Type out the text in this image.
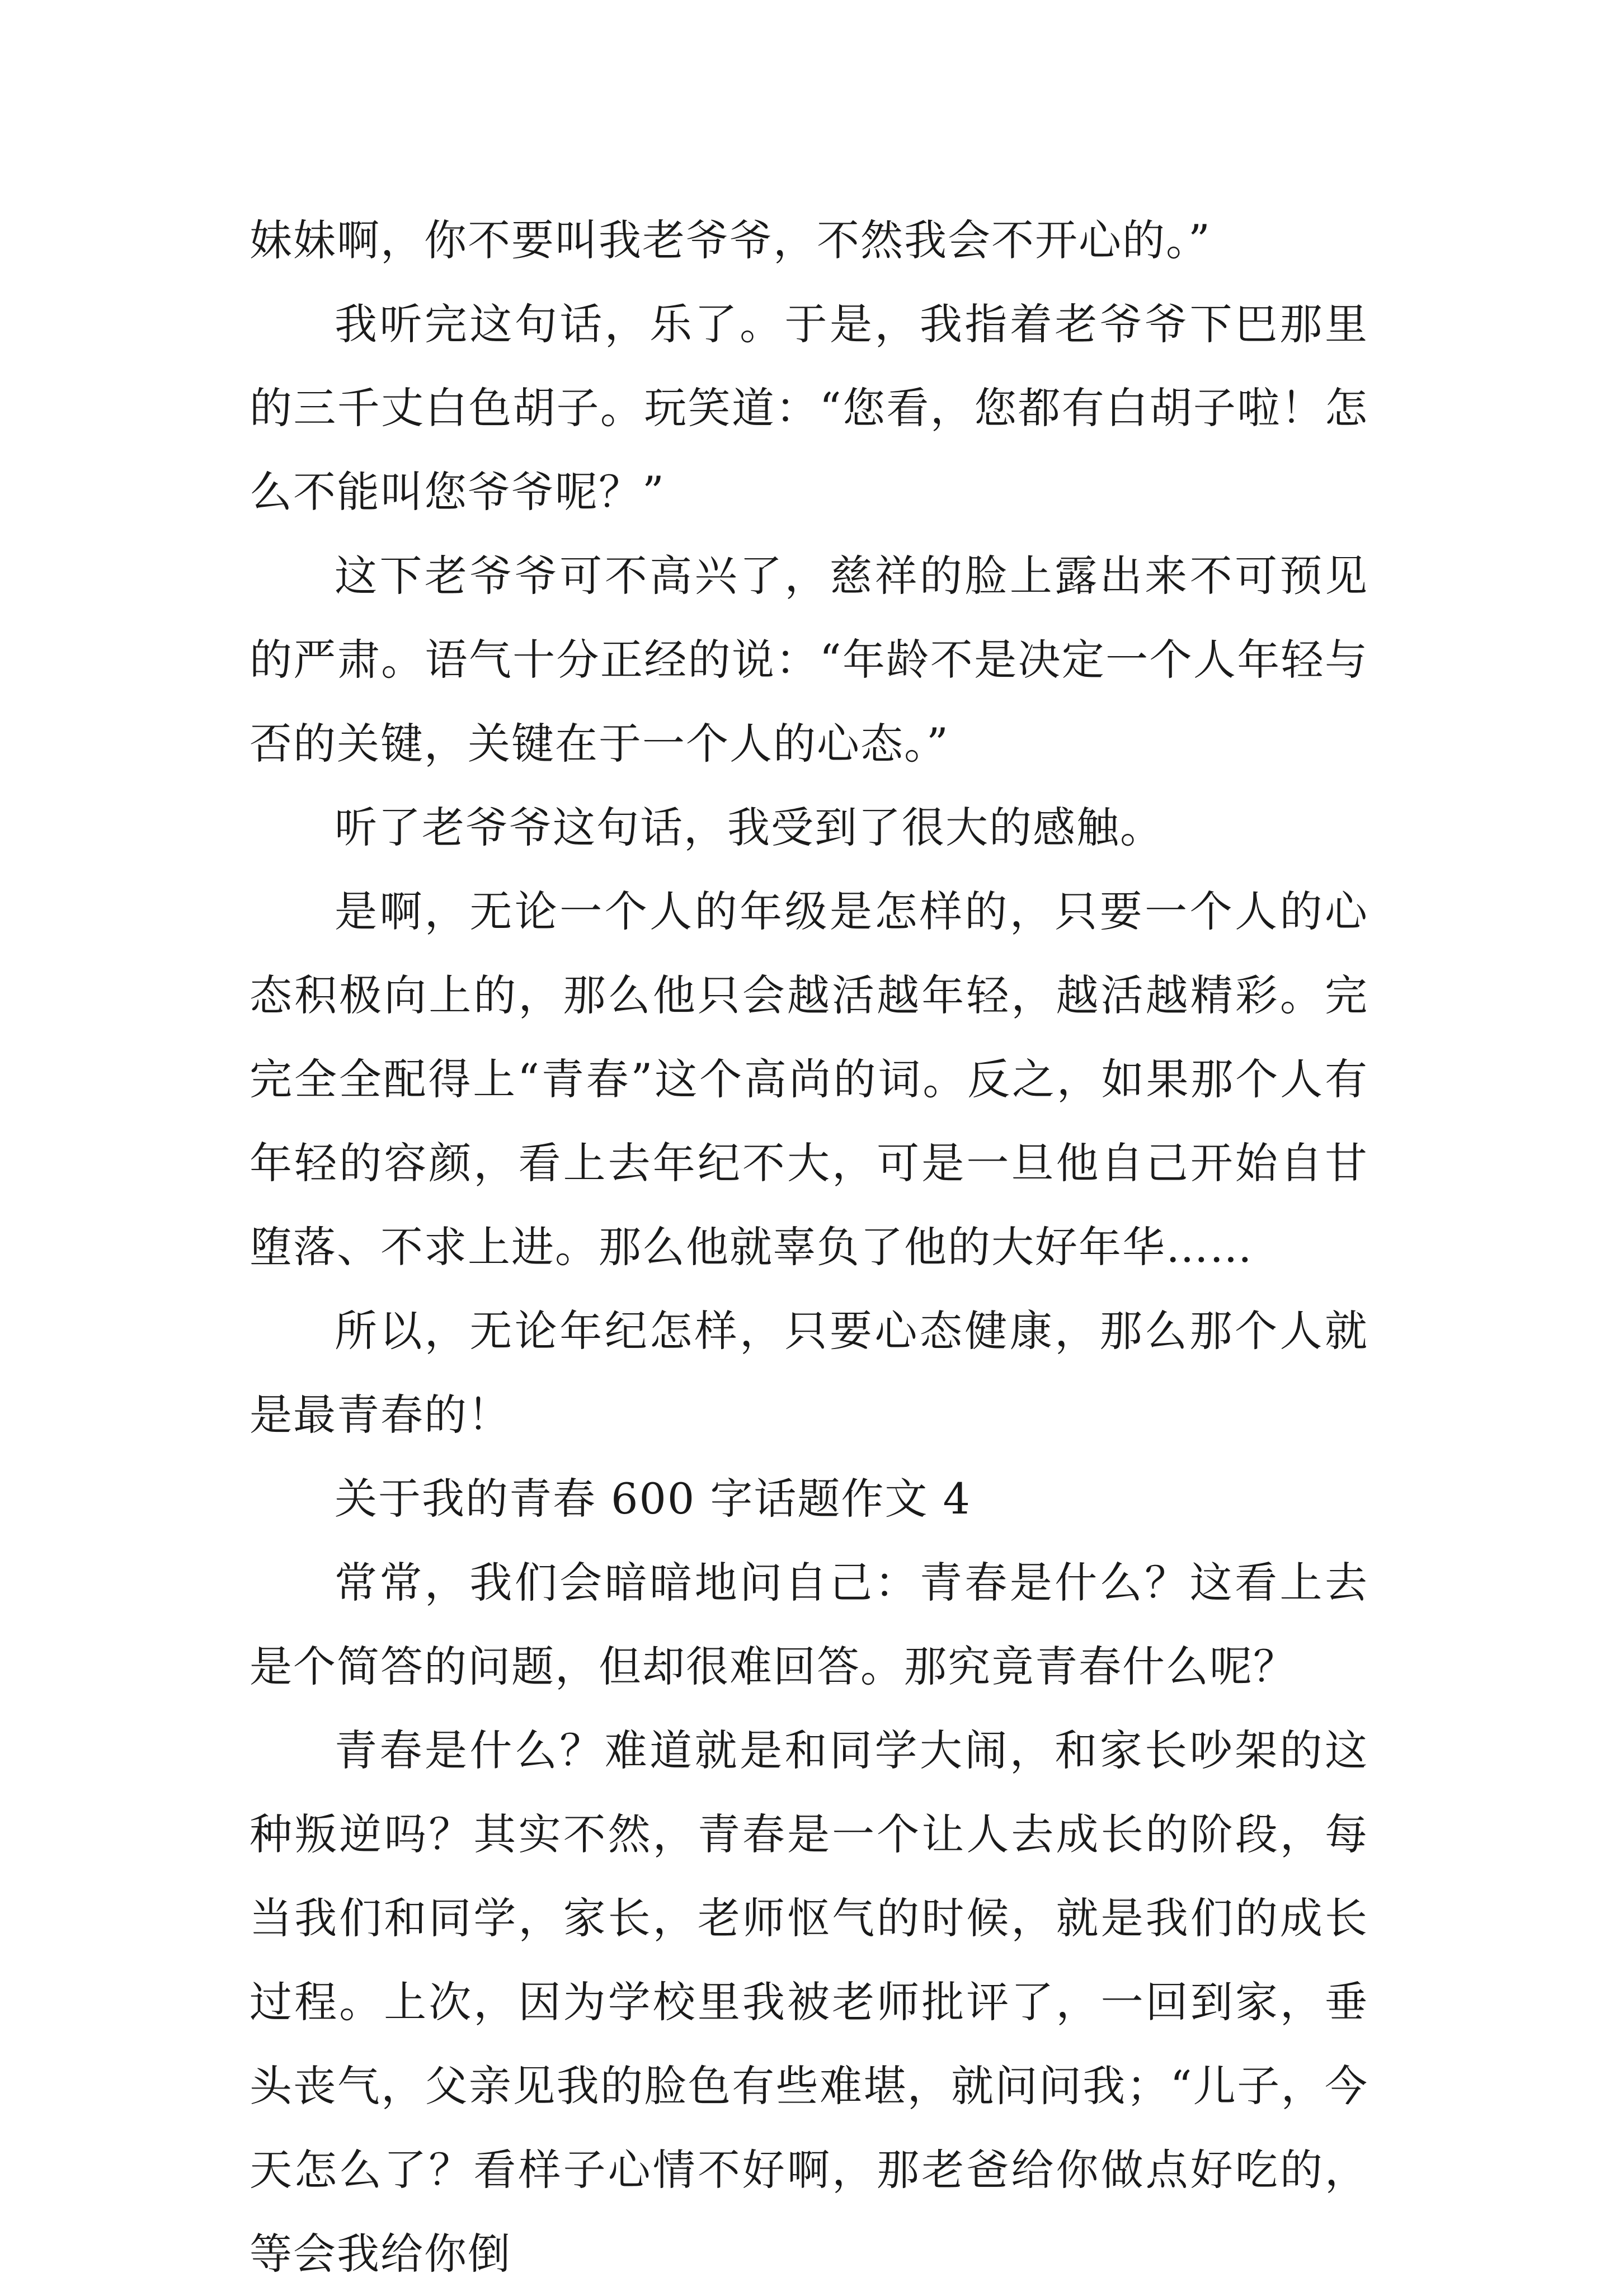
妹妹啊，你不要叫我老爷爷，不然我会不开心的。”

我听完这句话，乐了。于是，我指着老爷爷下巴那里的三千丈白色胡子。玩笑道：“您看，您都有白胡子啦！怎么不能叫您爷爷呢？”

这下老爷爷可不高兴了，慈祥的脸上露出来不可预见的严肃。语气十分正经的说：“年龄不是决定一个人年轻与否的关键，关键在于一个人的心态。”

听了老爷爷这句话，我受到了很大的感触。

是啊，无论一个人的年级是怎样的，只要一个人的心态积极向上的，那么他只会越活越年轻，越活越精彩。完完全全配得上“青春”这个高尚的词。反之，如果那个人有年轻的容颜，看上去年纪不大，可是一旦他自己开始自甘堕落、不求上进。那么他就辜负了他的大好年华……

所以，无论年纪怎样，只要心态健康，那么那个人就是最青春的！

关于我的青春 600 字话题作文 4

常常，我们会暗暗地问自己：青春是什么？这看上去是个简答的问题，但却很难回答。那究竟青春什么呢？

青春是什么？难道就是和同学大闹，和家长吵架的这种叛逆吗？其实不然，青春是一个让人去成长的阶段，每当我们和同学，家长，老师怄气的时候，就是我们的成长过程。上次，因为学校里我被老师批评了，一回到家，垂头丧气，父亲见我的脸色有些难堪，就问问我；“儿子，今天怎么了？看样子心情不好啊，那老爸给你做点好吃的，等会我给你倒
